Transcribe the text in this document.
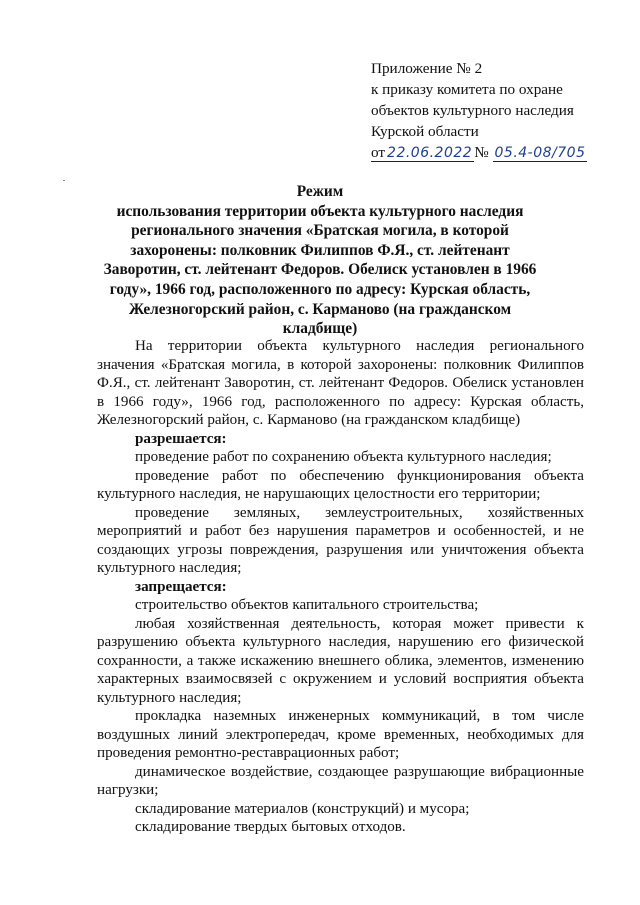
Приложение № 2
к приказу комитета по охране
объектов культурного наследия
Курской области
от 22.06.2022 № 05.4-08/705
Режим
использования территории объекта культурного наследия регионального значения «Братская могила, в которой захоронены: полковник Филиппов Ф.Я., ст. лейтенант Заворотин, ст. лейтенант Федоров. Обелиск установлен в 1966 году», 1966 год, расположенного по адресу: Курская область, Железногорский район, с. Карманово (на гражданском кладбище)

На территории объекта культурного наследия регионального значения «Братская могила, в которой захоронены: полковник Филиппов Ф.Я., ст. лейтенант Заворотин, ст. лейтенант Федоров. Обелиск установлен в 1966 году», 1966 год, расположенного по адресу: Курская область, Железногорский район, с. Карманово (на гражданском кладбище)

разрешается:

проведение работ по сохранению объекта культурного наследия;

проведение работ по обеспечению функционирования объекта культурного наследия, не нарушающих целостности его территории;

проведение земляных, землеустроительных, хозяйственных мероприятий и работ без нарушения параметров и особенностей, и не создающих угрозы повреждения, разрушения или уничтожения объекта культурного наследия;

запрещается:

строительство объектов капитального строительства;

любая хозяйственная деятельность, которая может привести к разрушению объекта культурного наследия, нарушению его физической сохранности, а также искажению внешнего облика, элементов, изменению характерных взаимосвязей с окружением и условий восприятия объекта культурного наследия;

прокладка наземных инженерных коммуникаций, в том числе воздушных линий электропередач, кроме временных, необходимых для проведения ремонтно-реставрационных работ;

динамическое воздействие, создающее разрушающие вибрационные нагрузки;

складирование материалов (конструкций) и мусора;

складирование твердых бытовых отходов.
